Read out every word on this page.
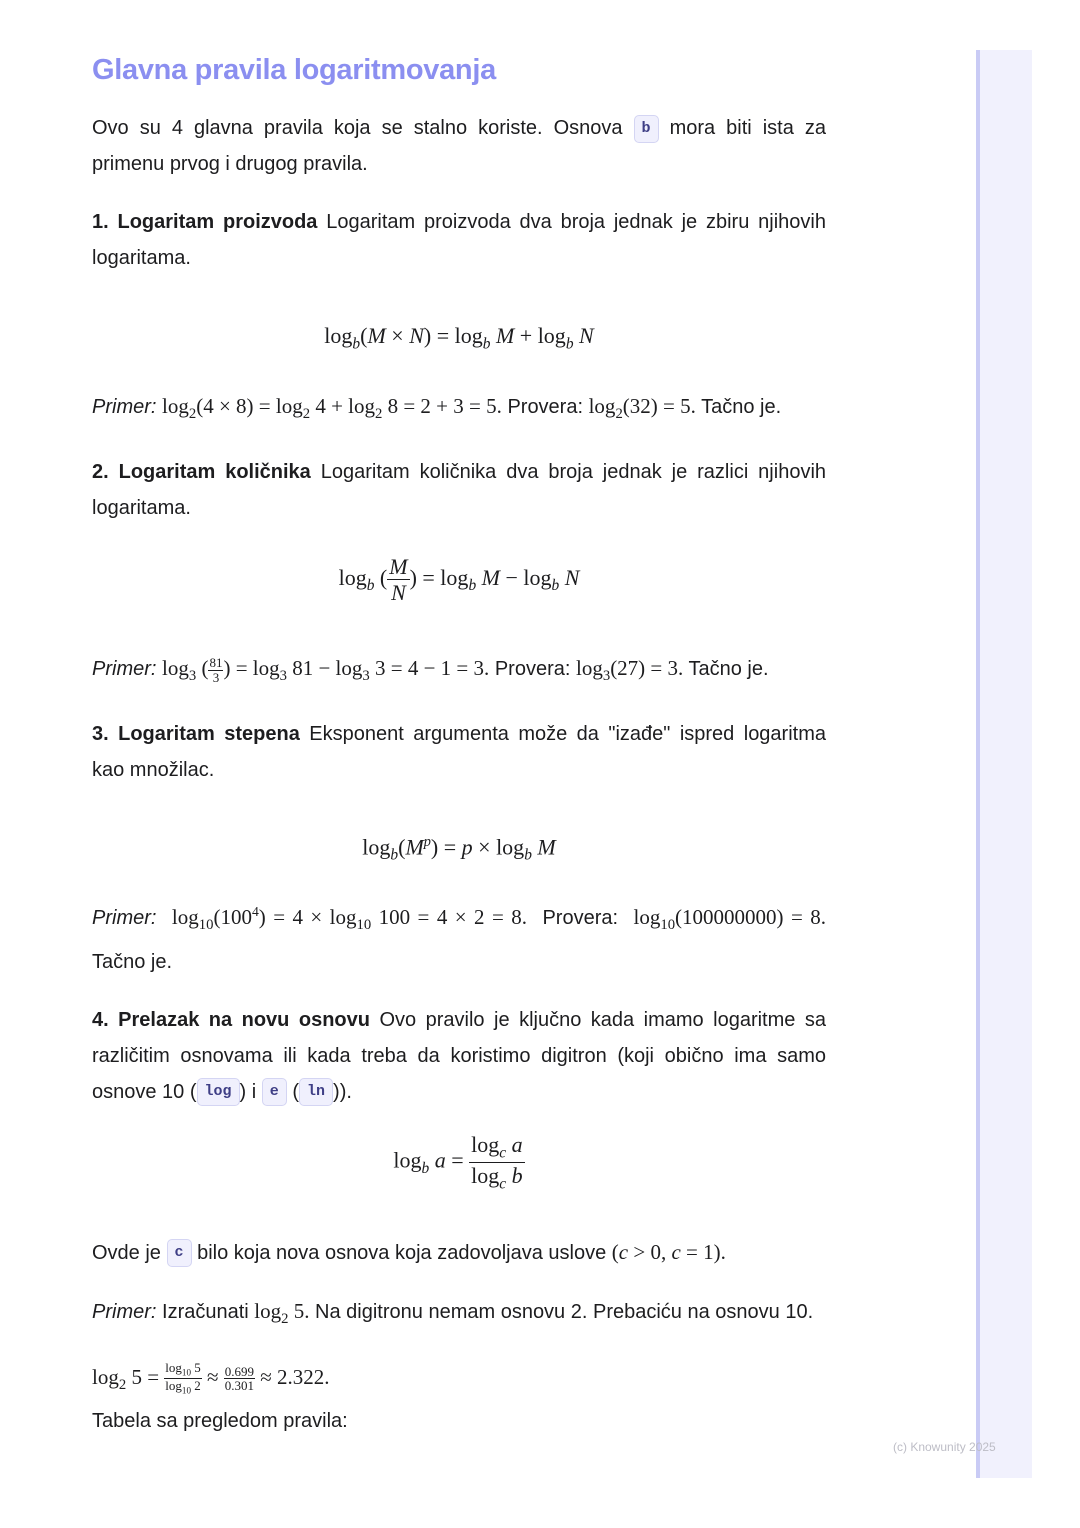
Glavna pravila logaritmovanja

Ovo su 4 glavna pravila koja se stalno koriste. Osnova b mora biti ista za primenu prvog i drugog pravila.

1. Logaritam proizvoda Logaritam proizvoda dva broja jednak je zbiru njihovih logaritama.

$\log_b(M \times N) = \log_b M + \log_b N$

Primer: $\log_2(4 \times 8) = \log_2 4 + \log_2 8 = 2 + 3 = 5$. Provera: $\log_2(32) = 5$. Tačno je.

2. Logaritam količnika Logaritam količnika dva broja jednak je razlici njihovih logaritama.

$\log_b$ ( $\frac{M}{N}$ ) = $\log_b M - \log_b N$

Primer: $\log_3$ ( $\frac{81}{3}$ ) = $\log_3 81 - \log_3 3 = 4 - 1 = 3$. Provera: $\log_3(27) = 3$. Tačno je.

3. Logaritam stepena Eksponent argumenta može da "izađe" ispred logaritma kao množilac.

$\log_b(M^p) = p \times \log_b M$

Primer: $\log_{10}(100^4) = 4 \times \log_{10} 100 = 4 \times 2 = 8$. Provera: $\log_{10}(100000000) = 8$. Tačno je.

4. Prelazak na novu osnovu Ovo pravilo je ključno kada imamo logaritme sa različitim osnovama ili kada treba da koristimo digitron (koji obično ima samo osnove 10 ( log ) i e ( ln )).

$\log_b a = \frac{\log_c a}{\log_c b}$

Ovde je c bilo koja nova osnova koja zadovoljava uslove (c > 0, c = 1).

Primer: Izračunati $\log_2 5$. Na digitronu nemam osnovu 2. Prebaciću na osnovu 10.

$\log_2 5 = \frac{\log_{10} 5}{\log_{10} 2} \approx \frac{0.699}{0.301} \approx 2.322$.

Tabela sa pregledom pravila:

(c) Knowunity 2025
